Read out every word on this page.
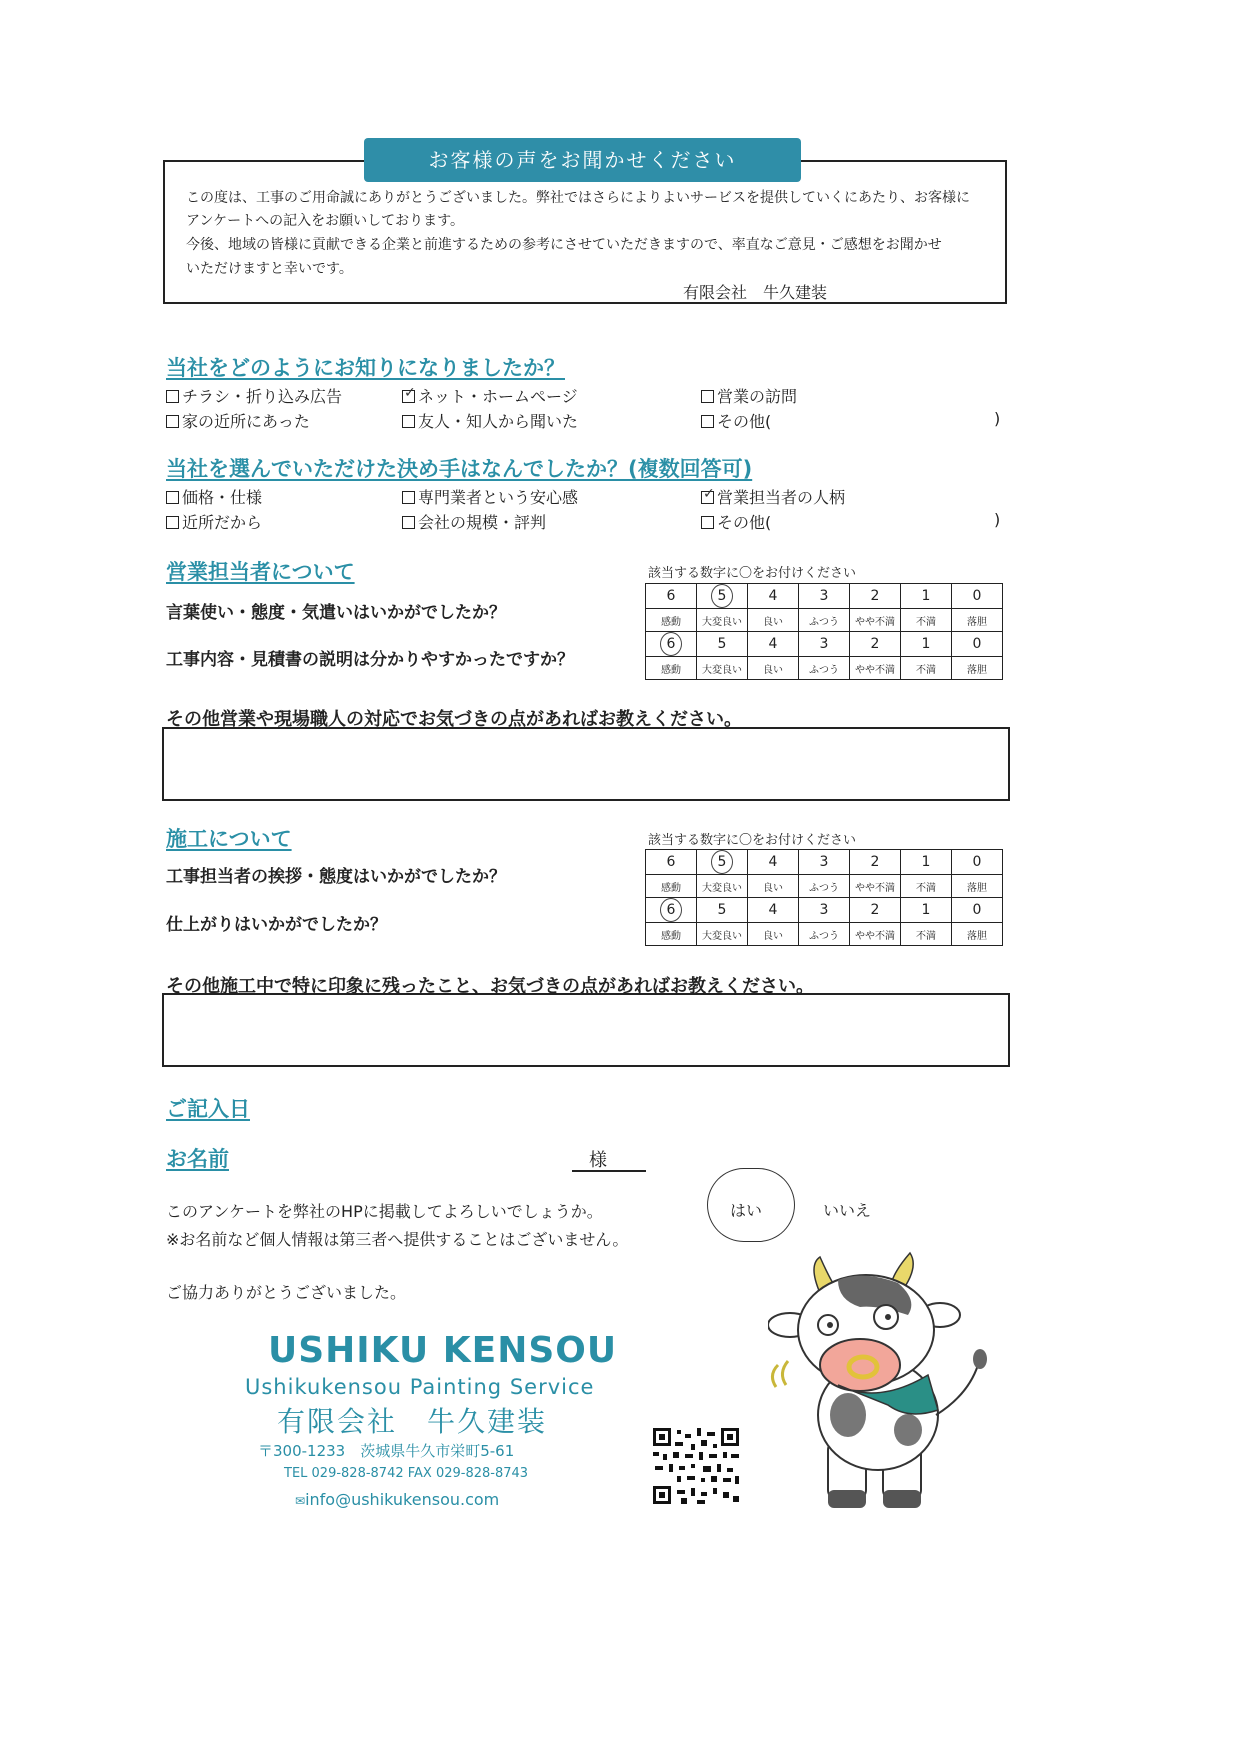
お客様の声をお聞かせください
この度は、工事のご用命誠にありがとうございました。弊社ではさらによりよいサービスを提供していくにあたり、お客様に
アンケートへの記入をお願いしております。
今後、地域の皆様に貢献できる企業と前進するための参考にさせていただきますので、率直なご意見・ご感想をお聞かせ
いただけますと幸いです。
有限会社　牛久建装
当社をどのようにお知りになりましたか？
チラシ・折り込み広告 ✓	ネット・ホームページ	営業の訪問
家の近所にあった	友人・知人から聞いた	その他(	)
当社を選んでいただけた決め手はなんでしたか？(複数回答可)
価格・仕様	専門業者という安心感 ✓	営業担当者の人柄
近所だから	会社の規模・評判	その他(	)
営業担当者について	該当する数字に〇をお付けください
言葉使い・態度・気遣いはいかがでしたか？
工事内容・見積書の説明は分かりやすかったですか？
6	5	4	3	2	1	0
感動	大変良い	良い	ふつう	やや不満	不満	落胆
6	5	4	3	2	1	0
感動	大変良い	良い	ふつう	やや不満	不満	落胆
その他営業や現場職人の対応でお気づきの点があればお教えください。
施工について	該当する数字に〇をお付けください
工事担当者の挨拶・態度はいかがでしたか？
仕上がりはいかがでしたか？
6	5	4	3	2	1	0
感動	大変良い	良い	ふつう	やや不満	不満	落胆
6	5	4	3	2	1	0
感動	大変良い	良い	ふつう	やや不満	不満	落胆
その他施工中で特に印象に残ったこと、お気づきの点があればお教えください。
ご記入日
お名前	様
このアンケートを弊社のHPに掲載してよろしいでしょうか。
※お名前など個人情報は第三者へ提供することはございません。
はい	いいえ
ご協力ありがとうございました。
USHIKU KENSOU
Ushikukensou Painting Service
有限会社　牛久建装
〒300-1233　茨城県牛久市栄町5-61
TEL 029-828-8742 FAX 029-828-8743
✉info@ushikukensou.com
